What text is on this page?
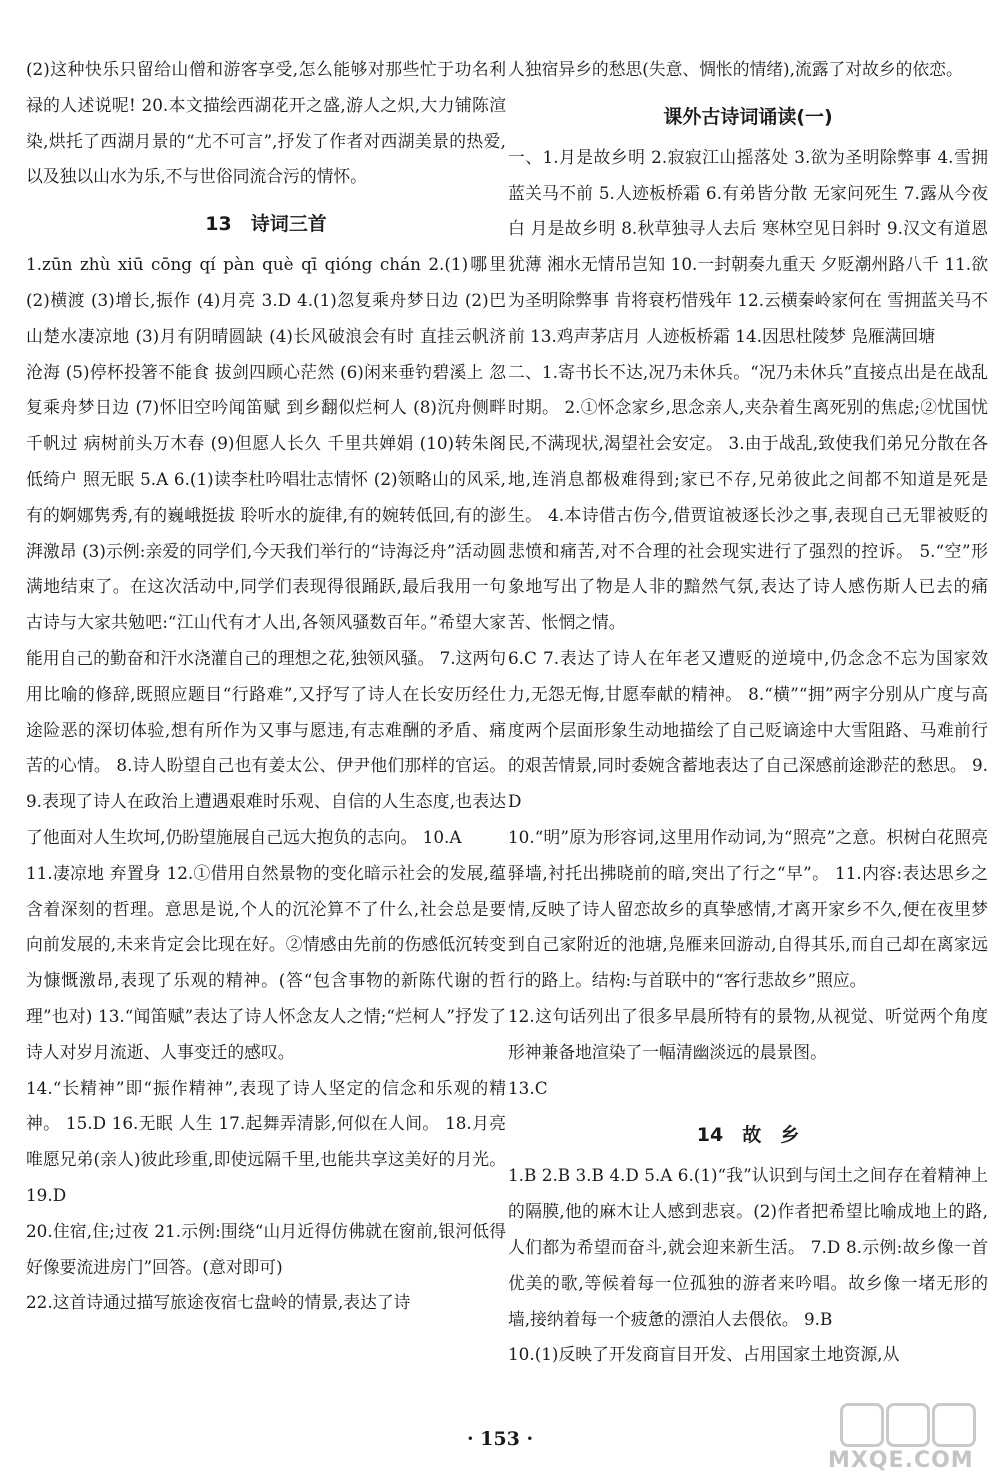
(2)这种快乐只留给山僧和游客享受,怎么能够对那些忙于功名利禄的人述说呢! 20.本文描绘西湖花开之盛,游人之炽,大力铺陈渲染,烘托了西湖月景的“尤不可言”,抒发了作者对西湖美景的热爱,以及独以山水为乐,不与世俗同流合污的情怀。

13　诗词三首

1.zūn zhù xiū cōng qí pàn què qī qióng chán 2.(1)哪里 (2)横渡 (3)增长,振作 (4)月亮 3.D 4.(1)忽复乘舟梦日边 (2)巴山楚水凄凉地 (3)月有阴晴圆缺 (4)长风破浪会有时 直挂云帆济沧海 (5)停杯投箸不能食 拔剑四顾心茫然 (6)闲来垂钓碧溪上 忽复乘舟梦日边 (7)怀旧空吟闻笛赋 到乡翻似烂柯人 (8)沉舟侧畔千帆过 病树前头万木春 (9)但愿人长久 千里共婵娟 (10)转朱阁 低绮户 照无眠 5.A 6.(1)读李杜吟唱壮志情怀 (2)领略山的风采,有的婀娜隽秀,有的巍峨挺拔 聆听水的旋律,有的婉转低回,有的澎湃激昂 (3)示例:亲爱的同学们,今天我们举行的“诗海泛舟”活动圆满地结束了。在这次活动中,同学们表现得很踊跃,最后我用一句古诗与大家共勉吧:“江山代有才人出,各领风骚数百年。”希望大家能用自己的勤奋和汗水浇灌自己的理想之花,独领风骚。 7.这两句用比喻的修辞,既照应题目“行路难”,又抒写了诗人在长安历经仕途险恶的深切体验,想有所作为又事与愿违,有志难酬的矛盾、痛苦的心情。 8.诗人盼望自己也有姜太公、伊尹他们那样的官运。 9.表现了诗人在政治上遭遇艰难时乐观、自信的人生态度,也表达了他面对人生坎坷,仍盼望施展自己远大抱负的志向。 10.A

11.凄凉地 弃置身 12.①借用自然景物的变化暗示社会的发展,蕴含着深刻的哲理。意思是说,个人的沉沦算不了什么,社会总是要向前发展的,未来肯定会比现在好。②情感由先前的伤感低沉转变为慷慨激昂,表现了乐观的精神。(答“包含事物的新陈代谢的哲理”也对) 13.“闻笛赋”表达了诗人怀念友人之情;“烂柯人”抒发了诗人对岁月流逝、人事变迁的感叹。

14.“长精神”即“振作精神”,表现了诗人坚定的信念和乐观的精神。 15.D 16.无眠 人生 17.起舞弄清影,何似在人间。 18.月亮 唯愿兄弟(亲人)彼此珍重,即使远隔千里,也能共享这美好的月光。 19.D

20.住宿,住;过夜 21.示例:围绕“山月近得仿佛就在窗前,银河低得好像要流进房门”回答。(意对即可)

22.这首诗通过描写旅途夜宿七盘岭的情景,表达了诗

人独宿异乡的愁思(失意、惆怅的情绪),流露了对故乡的依恋。

课外古诗词诵读(一)

一、1.月是故乡明 2.寂寂江山摇落处 3.欲为圣明除弊事 4.雪拥蓝关马不前 5.人迹板桥霜 6.有弟皆分散 无家问死生 7.露从今夜白 月是故乡明 8.秋草独寻人去后 寒林空见日斜时 9.汉文有道恩犹薄 湘水无情吊岂知 10.一封朝奏九重天 夕贬潮州路八千 11.欲为圣明除弊事 肯将衰朽惜残年 12.云横秦岭家何在 雪拥蓝关马不前 13.鸡声茅店月 人迹板桥霜 14.因思杜陵梦 凫雁满回塘

二、1.寄书长不达,况乃未休兵。“况乃未休兵”直接点出是在战乱时期。 2.①怀念家乡,思念亲人,夹杂着生离死别的焦虑;②忧国忧民,不满现状,渴望社会安定。 3.由于战乱,致使我们弟兄分散在各地,连消息都极难得到;家已不存,兄弟彼此之间都不知道是死是生。 4.本诗借古伤今,借贾谊被逐长沙之事,表现自己无罪被贬的悲愤和痛苦,对不合理的社会现实进行了强烈的控诉。 5.“空”形象地写出了物是人非的黯然气氛,表达了诗人感伤斯人已去的痛苦、怅惘之情。

6.C 7.表达了诗人在年老又遭贬的逆境中,仍念念不忘为国家效力,无怨无悔,甘愿奉献的精神。 8.“横”“拥”两字分别从广度与高度两个层面形象生动地描绘了自己贬谪途中大雪阻路、马难前行的艰苦情景,同时委婉含蓄地表达了自己深感前途渺茫的愁思。 9.D

10.“明”原为形容词,这里用作动词,为“照亮”之意。枳树白花照亮驿墙,衬托出拂晓前的暗,突出了行之“早”。 11.内容:表达思乡之情,反映了诗人留恋故乡的真挚感情,才离开家乡不久,便在夜里梦到自己家附近的池塘,凫雁来回游动,自得其乐,而自己却在离家远行的路上。结构:与首联中的“客行悲故乡”照应。

12.这句话列出了很多早晨所特有的景物,从视觉、听觉两个角度形神兼备地渲染了一幅清幽淡远的晨景图。

13.C

14　故　乡

1.B 2.B 3.B 4.D 5.A 6.(1)“我”认识到与闰土之间存在着精神上的隔膜,他的麻木让人感到悲哀。(2)作者把希望比喻成地上的路,人们都为希望而奋斗,就会迎来新生活。 7.D 8.示例:故乡像一首优美的歌,等候着每一位孤独的游者来吟唱。故乡像一堵无形的墙,接纳着每一个疲惫的漂泊人去偎依。 9.B

10.(1)反映了开发商盲目开发、占用国家土地资源,从

· 153 ·
MXQE.COM
